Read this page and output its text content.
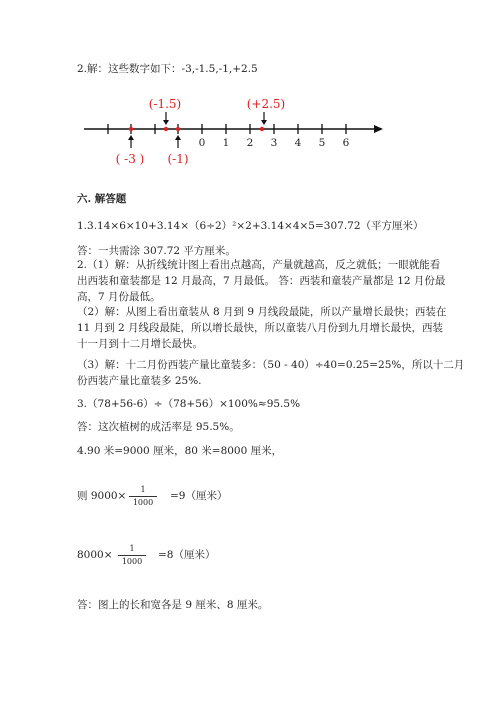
2.解：这些数字如下：-3,-1.5,-1,+2.5
(-1.5)	(+2.5)
( -3 ) (-1)
0 1 2 3 4 5 6
六. 解答题
1.3.14×6×10+3.14×（6÷2）²×2+3.14×4×5=307.72（平方厘米）
答：一共需涂 307.72 平方厘米。
2.（1）解：从折线统计图上看出点越高，产量就越高，反之就低；一眼就能看
出西装和童装都是 12 月最高，7 月最低。 答：西装和童装产量都是 12 月份最
高，7 月份最低。
（2）解：从图上看出童装从 8 月到 9 月线段最陡，所以产量增长最快；西装在
11 月到 2 月线段最陡，所以增长最快，所以童装八月份到九月增长最快，西装
十一月到十二月增长最快。
（3）解：十二月份西装产量比童装多：（50 - 40）÷40=0.25=25%，所以十二月
份西装产量比童装多 25%.
3.（78+56-6）÷（78+56）×100%≈95.5%
答：这次植树的成活率是 95.5%。
4.90 米=9000 厘米，80 米=8000 厘米，
则 $9000\times \frac{1}{1000} =9$（厘米）
$8000\times \frac{1}{1000} =8$（厘米）
答：图上的长和宽各是 9 厘米、8 厘米。
